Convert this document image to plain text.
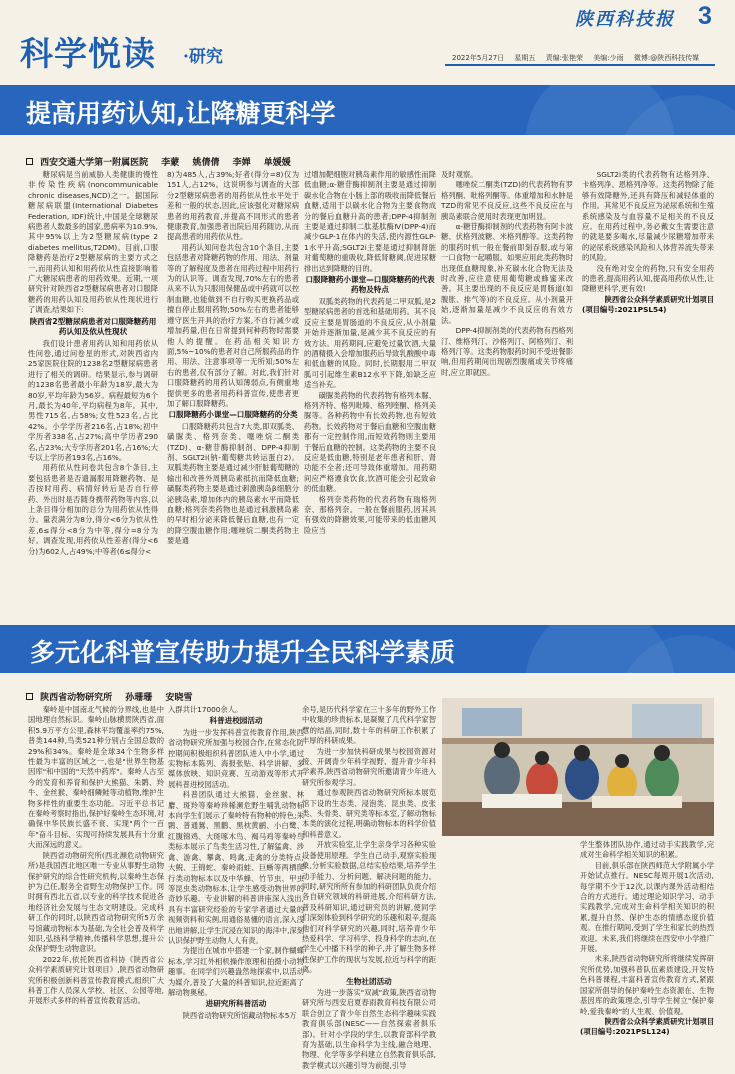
科学悦读 ·研究
陕西科技报 3
2022年5月27日 星期五 责编:张艳荣 美编:少雨 微博:@陕西科技传媒
提高用药认知,让降糖更科学
西安交通大学第一附属医院 李蒙 姚倩倩 李婵 单媛媛

糖尿病是当前威胁人类健康的慢性非传染性疾病(noncommunicable chronic diseases,NCD)之一。据国际糖尿病联盟(International Diabetes Federation, IDF)统计,中国是全球糖尿病患者人数最多的国家,患病率为10.9%,其中95%以上为2型糖尿病(type 2 diabetes mellitus,T2DM)。目前,口服降糖药是治疗2型糖尿病的主要方式之一,而用药认知和用药依从性直接影响着广大糖尿病患者的用药效果。近期,一项研究针对陕西省2型糖尿病患者对口服降糖药的用药认知及用药依从性现状进行了调查,结果如下:

陕西省2型糖尿病患者对口服降糖药用药认知及依从性现状

我们设计患者用药认知和用药依从性问卷,通过问卷星的形式,对陕西省内25家医院住院的1238名2型糖尿病患者进行了相关的调研。结果显示,参与调研的1238名患者最小年龄为18岁,最大为80岁,平均年龄为56岁。病程最短为6个月,最长为40年,平均病程为8年。其中,男性715名,占58%;女性523名,占比42%。小学学历者216名,占18%;初中学历者338名,占27%;高中学历者290名,占23%;大专学历者201名,占16%;大专以上学历者193名,占16%。

用药依从性问卷共包含8个条目,主要包括患者是否遗漏服用降糖药物、是否按时用药、病情好转后是否自行停药、外出时是否随身携带药物等内容,以上条目得分相加的总分为用药依从性得分。量表满分为8分,得分<6分为依从性差,6≤得分<8分为中等,得分=8分为好。调查发现,用药依从性差者(得分<6分)为602人,占49%;中等者(6≤得分<

8)为485人,占39%;好者(得分=8)仅为151人,占12%。这说明参与调查的大部分2型糖尿病患者的用药依从性水平处于差和一般的状态,因此,应该强化对糖尿病患者的用药教育,并提高不同形式的患者健康教育,加强患者出院后用药随访,从而提高患者的用药依从性。

用药认知问卷共包含10个条目,主要包括患者对降糖药物的作用、用法、剂量等的了解程度及患者在用药过程中用药行为的认识等。调查发现,70%左右的患者从来不认为只服用保健品或中药就可以控制血糖,也能做到不自行购买更换药品或擅自停止服用药物;50%左右的患者能够遵守医生开具的治疗方案,不自行减少或增加药量,但在日常提到何种药物时需要他人的提醒。在药品相关知识方面,5%~10%的患者对自己所服药品的作用、用法、注意事项等一无所知;50%左右的患者,仅有部分了解。对此,我们针对口服降糖药的用药认知薄弱点,有侧重地提供更多的患者用药科普宣传,使患者更加了解口服降糖药。

口服降糖药小课堂—口服降糖药的分类

口服降糖药共包含7大类,即双胍类、磺脲类、格列奈类、噻唑烷二酮类(TZD)、α-糖苷酶抑制剂、DPP-4抑制剂、SGLT2i(钠-葡萄糖共转运蛋白2)。双胍类药物主要是通过减少肝脏葡萄糖的输出和改善外周胰岛素抵抗而降低血糖;磺脲类药物主要是通过刺激胰岛β细胞分泌胰岛素,增加体内的胰岛素水平而降低血糖;格列奈类药物也是通过刺激胰岛素的早时相分泌来降低餐后血糖,也有一定的降空腹血糖作用;噻唑烷二酮类药物主要是通

过增加靶细胞对胰岛素作用的敏感性而降低血糖;α-糖苷酶抑制剂主要是通过抑制碳水化合物在小肠上部的吸收而降低餐后血糖,适用于以碳水化合物为主要食物成分的餐后血糖升高的患者;DPP-4抑制剂主要是通过抑制二肽基肽酶Ⅳ(DPP-4)而减少GLP-1在体内的失活,使内源性GLP-1水平升高;SGLT2i主要是通过抑制肾脏对葡萄糖的重吸收,降低肾糖阈,促进尿糖排出达到降糖的目的。

口服降糖药小课堂—口服降糖药的代表药物及特点

双胍类药物的代表药是二甲双胍,是2型糖尿病患者的首选和基础用药。其不良反应主要是胃肠道的不良反应,从小剂量开始并逐渐加量,是减少其不良反应的有效方法。用药期间,应避免过量饮酒,大量的酒精摄入会增加服药后导致乳酸酸中毒和低血糖的风险。同时,长期服用二甲双胍可引起维生素B12水平下降,如缺乏应适当补充。

磺脲类药物的代表药物有格列本脲、格列齐特、格列吡嗪、格列喹酮、格列美脲等。各种药物中有长效药物,也有短效药物。长效药物对于餐后血糖和空腹血糖都有一定控制作用,而短效药物则主要用于餐后血糖的控制。这类药物的主要不良反应是低血糖,特别是老年患者和肝、肾功能不全者;还可导致体重增加。用药期间应严格遵食饮食,饮酒可能会引起致命的低血糖。

格列奈类药物的代表药物有瑞格列奈、那格列奈。一般在餐前服药,因其具有强效的降糖效果,可能带来的低血糖风险应当

及时观察。

噻唑烷二酮类(TZD)的代表药物有罗格列酮、吡格列酮等。体重增加和水肿是TZD的常见不良反应,这些不良反应在与胰岛素联合使用时表现更加明显。

α-糖苷酶抑制剂的代表药物有阿卡波糖、伏格列波糖、米格列醇等。这类药物的服药时机一般在餐前即刻吞服,或与第一口食物一起嚼服。如果应用此类药物时出现低血糖现象,补充碳水化合物无法及时改善,应往意使用葡萄糖或蜂蜜来改善。其主要出现的不良反应是胃肠道(如腹胀、排气等)的不良反应。从小剂量开始,逐渐加量是减少不良反应的有效方法。

DPP-4抑制剂类的代表药物有西格列汀、维格列汀、沙格列汀、阿格列汀、利格列汀等。这类药物服药时间不受进餐影响,但用药期间出现剧烈腹痛或关节疼痛时,应立即就医。

SGLT2i类的代表药物有达格列净、卡格列净、恩格列净等。这类药物除了能够有效降糖外,还具有降压和减轻体重的作用。其常见不良反应为泌尿系统和生殖系统感染及与血容量不足相关的不良反应。在用药过程中,务必戴女生需要注意的就是要多喝水,尽量减少尿糖增加带来的泌尿系统感染风险和人体营养流失带来的风险。

没有绝对安全的药物,只有安全用药的患者,提高用药认知,提高用药依从性,让降糖更科学,更有效!

陕西省公众科学素质研究计划项目

(项目编号:2021PSL54)

多元化科普宣传助力提升全民科学素质
陕西省动物研究所 孙珊珊 安晓雪

秦岭是中国南北气候的分界线,也是中国地理自然标识。秦岭山脉横贯陕西省,面积5.9万平方公里,森林平均覆盖率约75%,普类144种,鸟类521种分别占全国总数的29%和34%。秦岭是全球34个生物多样性最为丰富的区域之一,也是"世界生物基因库"和中国的"天然中药库"。秦岭人古至今的发育和养育和保护大熊猫、朱鹮、羚牛、金丝猴、秦岭细鳞鲑等动植物,维护生物多样性的重要生态功能。习近平总书记在秦岭考察时指出,保护好秦岭生态环境,对确保中华民族长盛不衰、实现"两个一百年"奋斗目标、实现可持续发展具有十分重大而深远的意义。

陕西省动物研究所(西北濒危动物研究所)是我国西北地区唯一专业从事野生动物保护研究的综合性研究机构,以秦岭生态保护为己任,服务全省野生动物保护工作。同时拥有西北五省,以专业的科学技术促进各地经济社会发展与生态文明建设。完成科研工作的同时,以陕西省动物研究所5万余号馆藏动物标本为基础,为全社会普及科学知识,弘扬科学精神,传播科学思想,提升公众保护野生动物意识。

2022年,依托陕西省科协《陕西省公众科学素质研究计划项目》,陕西省动物研究所积极创新科普宣传教育模式,组织广大科普工作人员深入学校、社区、公园等地,开展形式多样的科普宣传教育活动。

入群共计17000余人。

科普进校园活动

为进一步发挥科普宣传教育作用,陕西省动物研究所加强与校园合作,在常态化防控期间积极组织科普团队进入中小学,通过实物标本陈列、海报张贴、科学讲解、多媒体放映、知识竞赛、互动游戏等形式开展科普进校园活动。

科普团队通过大熊猫、金丝猴、林麝、斑羚等秦岭珍稀濒危野生哺乳动物标本向学生们展示了秦岭特有物种的特色;朱鹮、普通鵟、黑鹳、黑枕黄鹂、小白鹭、红腹锦鸡、大斑啄木鸟、褐马鸡等秦岭鸟类标本展示了鸟类生活习性,了解猛禽、涉禽、游禽、攀禽、鸣禽,走禽的分类特点;大鲵、王锦蛇、秦岭雨蛙、巨蜥等两栖爬行类动物标本以及中华蜂、竹节虫、甲虫等昆虫类动物标本,让学生感受动物世界的奇妙乐趣。专业讲解的科普讲座深入浅出,具有丰富研究经验的专家学者通过大量的视频资料和实例,用通俗易懂的语言,深入浅出地讲解,让学生沉浸在知识的海洋中,深刻认识保护野生动物人人有责。

为提出在城市中搭建一个家,制作蝴蝶标本,学习红外相机操作原理和拍摄小动物趣事。在同学们兴趣盎然地探索中,以活动为媒介,普及了大量的科普知识,拉近距离了解动物奥秘。

进研究所科普活动

陕西省动物研究所馆藏动物标本5万

余号,是历代科学家在三十多年的野外工作中收集的珍贵标本,是凝聚了几代科学家智慧的结晶,同时,数十年的科研工作积累了丰厚的科研成果。

为进一步加快科研成果与校园资源对接、开阔青少年科学视野、提升青少年科学素养,陕西省动物研究所邀请青少年进入研究所参观学习。

通过参观陕西省动物研究所标本展览馆下设的生态类、浸泡类、昆虫类、皮张类、头骨类、研究类等标本室,了解动物标本类的演化过程,明确动物标本的科学价值和科普意义。

开放实验室,让学生亲身学习各种实验设备使用原理。学生自己动手,观察实验现象,分析实验数据,总结实验结果,培养学生动手能力、分析问题、解决问题的能力。同时,研究所所有参加的科研团队负责介绍各自研究领域的科研进展,介绍科研方法,普及科研知识,通过研究员的讲解,使同学们深刻体验到科学研究的乐趣和艰辛,提高他们对科学研究的兴趣,同时,培养青少年热爱科学、学习科学、投身科学的志向,在学生心中播下科学的种子,并了解生物多样性保护工作的现状与发展,拉近与科学的距离。

生物社团活动

为进一步落实"双减"政策,陕西省动物研究所与西安启夏春雨教育科技有限公司联合创立了青少年自然生态科学趣味实践教育俱乐部(NESC——自然探索者俱乐部)。针对小学段的学生,以教育部科学教育为基础,以生命科学为主线,融合地理、物理、化学等多学科建立自然教育俱乐部,教学模式以兴趣引导为前提,引导

学生整体团队协作,通过动手实践教学,完成对生命科学相关知识的积累。

目前,俱乐部在陕西师范大学附属小学开始试点推行。NESC每周开展1次活动,每学期不少于12次,以课内课外活动相结合的方式进行。通过理论知识学习、动手实践教学,完成对生命科学相关知识的积累,提升自然、保护生态的情感态度价值观。在推行期间,受到了学生和家长的热烈欢迎。未来,我们将继续在西安中小学推广开展。

未来,陕西省动物研究所将继续发挥研究所优势,加强科普队伍素质建设,开发特色科普课程,丰富科普宣传教育方式,紧跟国家所倡导的保护秦岭生态资源在、生物基因库的政策理念,引导学生树立"保护秦岭,爱我秦岭"的人生观、价值观。

陕西省公众科学素质研究计划项目

(项目编号:2021PSL124)
